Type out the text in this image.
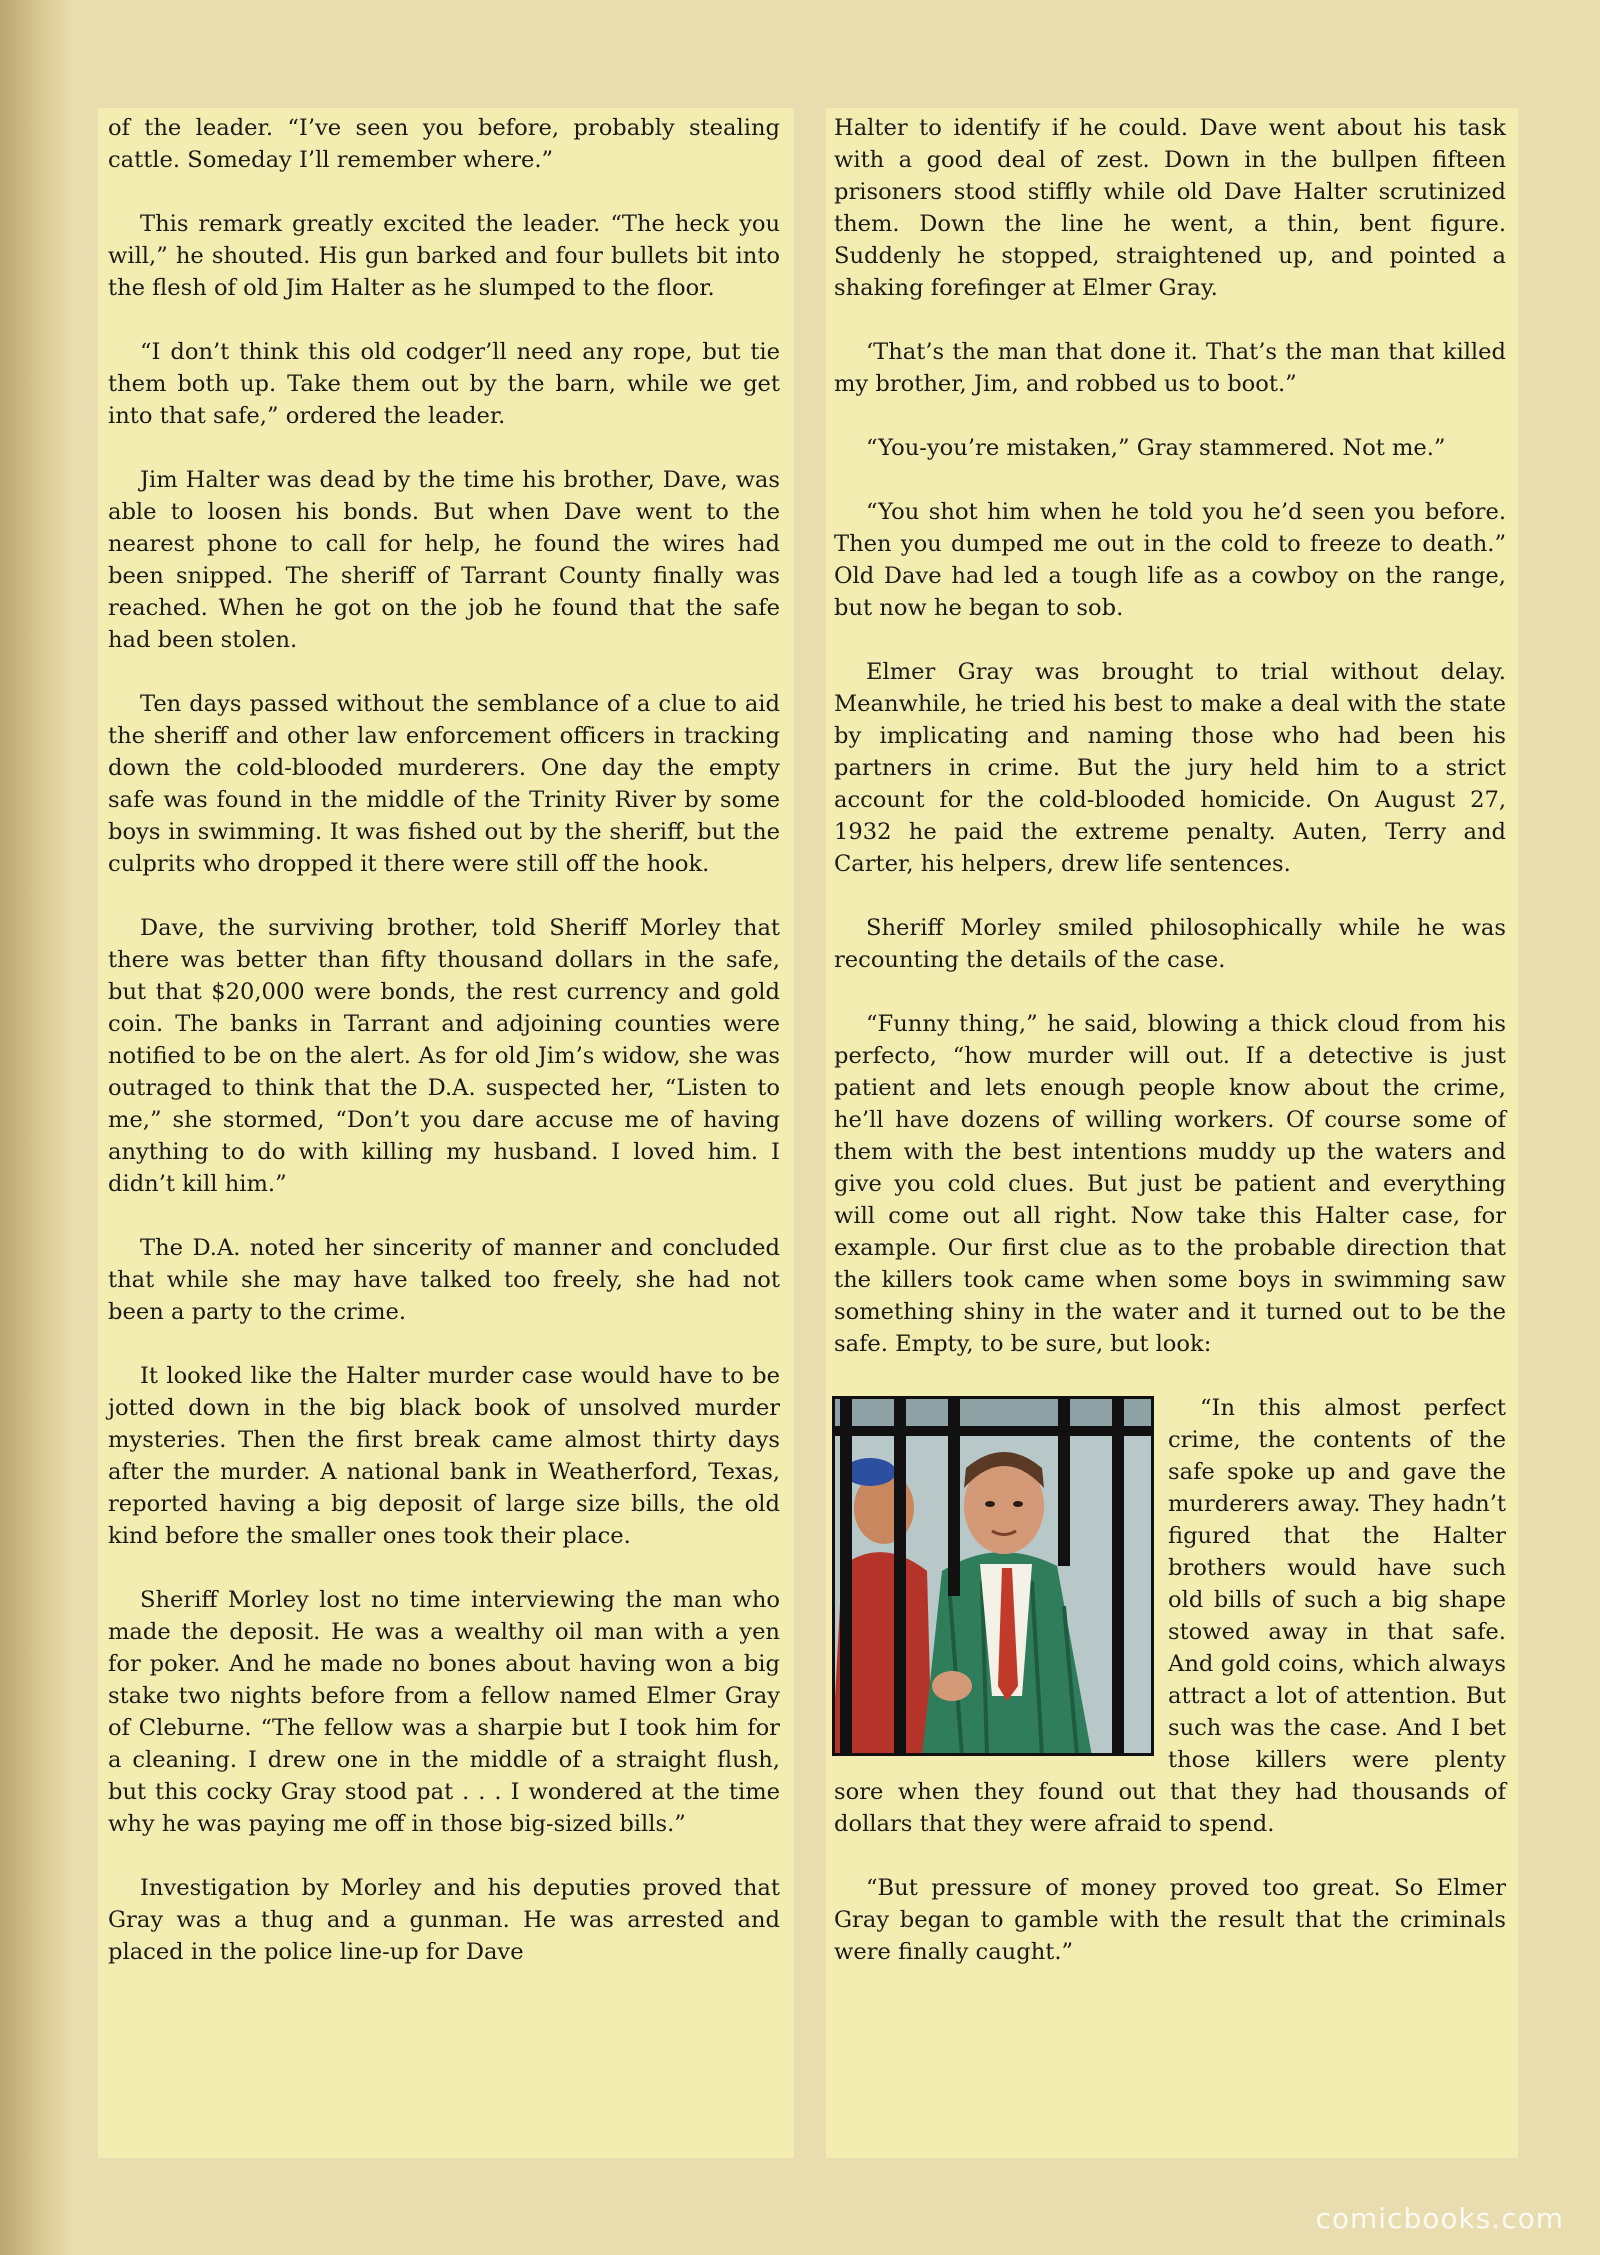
of the leader. “I’ve seen you before, probably stealing cattle. Someday I’ll remember where.”

This remark greatly excited the leader. “The heck you will,” he shouted. His gun barked and four bullets bit into the flesh of old Jim Halter as he slumped to the floor.

“I don’t think this old codger’ll need any rope, but tie them both up. Take them out by the barn, while we get into that safe,” ordered the leader.

Jim Halter was dead by the time his brother, Dave, was able to loosen his bonds. But when Dave went to the nearest phone to call for help, he found the wires had been snipped. The sheriff of Tarrant County finally was reached. When he got on the job he found that the safe had been stolen.

Ten days passed without the semblance of a clue to aid the sheriff and other law enforcement officers in tracking down the cold-blooded murderers. One day the empty safe was found in the middle of the Trinity River by some boys in swimming. It was fished out by the sheriff, but the culprits who dropped it there were still off the hook.

Dave, the surviving brother, told Sheriff Morley that there was better than fifty thousand dollars in the safe, but that $20,000 were bonds, the rest currency and gold coin. The banks in Tarrant and adjoining counties were notified to be on the alert. As for old Jim’s widow, she was outraged to think that the D.A. suspected her, “Listen to me,” she stormed, “Don’t you dare accuse me of having anything to do with killing my husband. I loved him. I didn’t kill him.”

The D.A. noted her sincerity of manner and concluded that while she may have talked too freely, she had not been a party to the crime.

It looked like the Halter murder case would have to be jotted down in the big black book of unsolved murder mysteries. Then the first break came almost thirty days after the murder. A national bank in Weatherford, Texas, reported having a big deposit of large size bills, the old kind before the smaller ones took their place.

Sheriff Morley lost no time interviewing the man who made the deposit. He was a wealthy oil man with a yen for poker. And he made no bones about having won a big stake two nights before from a fellow named Elmer Gray of Cleburne. “The fellow was a sharpie but I took him for a cleaning. I drew one in the middle of a straight flush, but this cocky Gray stood pat . . . I wondered at the time why he was paying me off in those big-sized bills.”

Investigation by Morley and his deputies proved that Gray was a thug and a gunman. He was arrested and placed in the police line-up for Dave

Halter to identify if he could. Dave went about his task with a good deal of zest. Down in the bullpen fifteen prisoners stood stiffly while old Dave Halter scrutinized them. Down the line he went, a thin, bent figure. Suddenly he stopped, straightened up, and pointed a shaking forefinger at Elmer Gray.

‘That’s the man that done it. That’s the man that killed my brother, Jim, and robbed us to boot.”

“You-you’re mistaken,” Gray stammered. Not me.”

“You shot him when he told you he’d seen you before. Then you dumped me out in the cold to freeze to death.” Old Dave had led a tough life as a cowboy on the range, but now he began to sob.

Elmer Gray was brought to trial without delay. Meanwhile, he tried his best to make a deal with the state by implicating and naming those who had been his partners in crime. But the jury held him to a strict account for the cold-blooded homicide. On August 27, 1932 he paid the extreme penalty. Auten, Terry and Carter, his helpers, drew life sentences.

Sheriff Morley smiled philosophically while he was recounting the details of the case.

“Funny thing,” he said, blowing a thick cloud from his perfecto, “how murder will out. If a detective is just patient and lets enough people know about the crime, he’ll have dozens of willing workers. Of course some of them with the best intentions muddy up the waters and give you cold clues. But just be patient and everything will come out all right. Now take this Halter case, for example. Our first clue as to the probable direction that the killers took came when some boys in swimming saw something shiny in the water and it turned out to be the safe. Empty, to be sure, but look:

“In this almost perfect crime, the contents of the safe spoke up and gave the murderers away. They hadn’t figured that the Halter brothers would have such old bills of such a big shape stowed away in that safe. And gold coins, which always attract a lot of attention. But such was the case. And I bet those killers were plenty sore when they found out that they had thousands of dollars that they were afraid to spend.

“But pressure of money proved too great. So Elmer Gray began to gamble with the result that the criminals were finally caught.”

comicbooks.com
